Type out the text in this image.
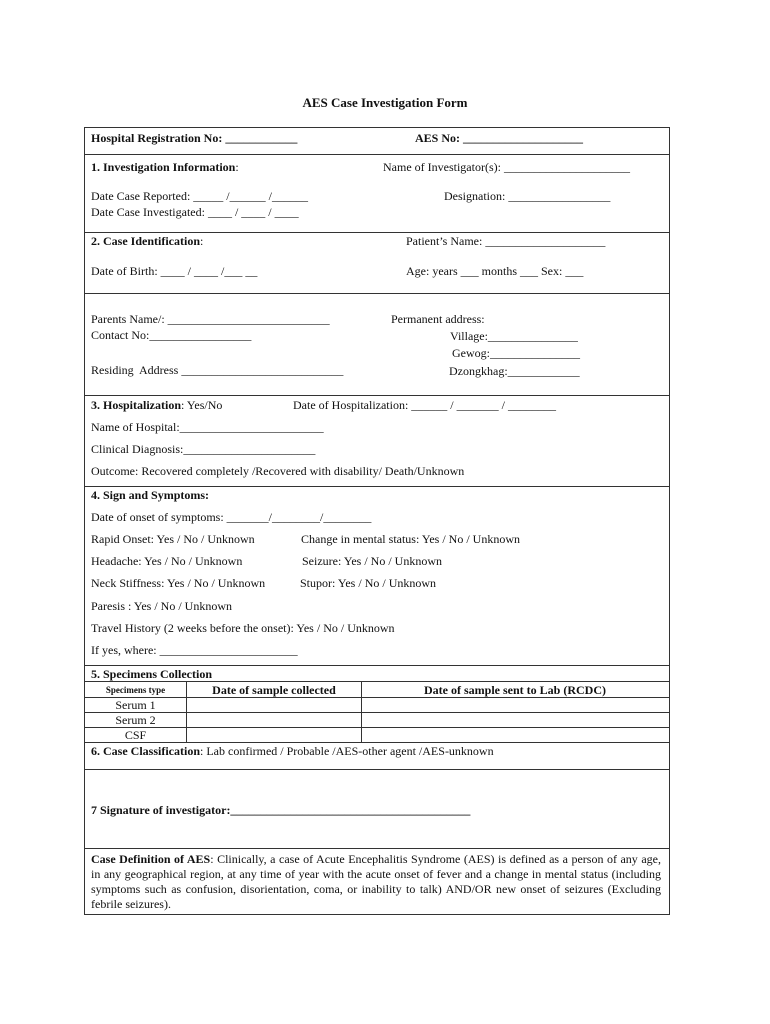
AES Case Investigation Form
Hospital Registration No: ____________	AES No: ____________________
1. Investigation Information:	Name of Investigator(s): _____________________
Date Case Reported: _____ /______ /______	Designation: _________________
Date Case Investigated: ____ / ____ / ____
2. Case Identification:	Patient’s Name: ____________________
Date of Birth: ____ / ____ /___ __	Age: years ___ months ___ Sex: ___
Parents Name/: ___________________________
Contact No:_________________
Residing  Address ___________________________
Permanent address:
Village:_______________
Gewog:_______________
Dzongkhag:____________
3. Hospitalization: Yes/No	Date of Hospitalization: ______ / _______ / ________
Name of Hospital:________________________
Clinical Diagnosis:______________________
Outcome: Recovered completely /Recovered with disability/ Death/Unknown
4. Sign and Symptoms:
Date of onset of symptoms: _______/________/________
Rapid Onset: Yes / No / Unknown	Change in mental status: Yes / No / Unknown
Headache: Yes / No / Unknown	Seizure: Yes / No / Unknown
Neck Stiffness: Yes / No / Unknown	Stupor: Yes / No / Unknown
Paresis : Yes / No / Unknown
Travel History (2 weeks before the onset): Yes / No / Unknown
If yes, where: _______________________
5. Specimens Collection
Specimens type	Date of sample collected	Date of sample sent to Lab (RCDC)
Serum 1
Serum 2
CSF
6. Case Classification: Lab confirmed / Probable /AES-other agent /AES-unknown
7 Signature of investigator:________________________________________
Case Definition of AES: Clinically, a case of Acute Encephalitis Syndrome (AES) is defined as a person of any age, in any geographical region, at any time of year with the acute onset of fever and a change in mental status (including symptoms such as confusion, disorientation, coma, or inability to talk) AND/OR new onset of seizures (Excluding febrile seizures).
